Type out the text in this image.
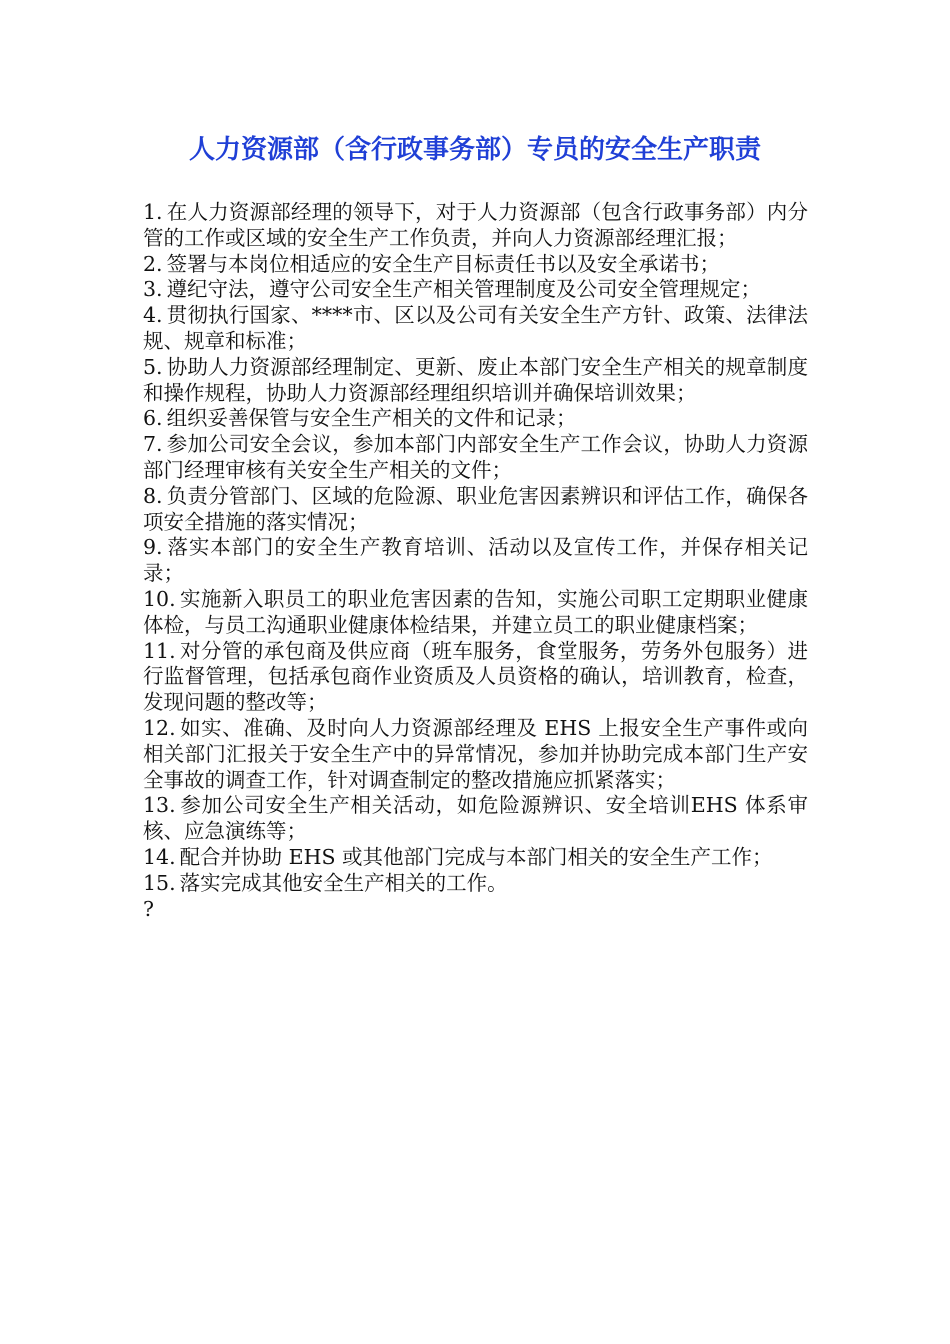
人力资源部（含行政事务部）专员的安全生产职责

1. 在人力资源部经理的领导下，对于人力资源部（包含行政事务部）内分管的工作或区域的安全生产工作负责，并向人力资源部经理汇报；

2. 签署与本岗位相适应的安全生产目标责任书以及安全承诺书；

3. 遵纪守法，遵守公司安全生产相关管理制度及公司安全管理规定；

4. 贯彻执行国家、****市、区以及公司有关安全生产方针、政策、法律法规、规章和标准；

5. 协助人力资源部经理制定、更新、废止本部门安全生产相关的规章制度和操作规程，协助人力资源部经理组织培训并确保培训效果；

6. 组织妥善保管与安全生产相关的文件和记录；

7. 参加公司安全会议，参加本部门内部安全生产工作会议，协助人力资源部门经理审核有关安全生产相关的文件；

8. 负责分管部门、区域的危险源、职业危害因素辨识和评估工作，确保各项安全措施的落实情况；

9. 落实本部门的安全生产教育培训、活动以及宣传工作，并保存相关记录；

10. 实施新入职员工的职业危害因素的告知，实施公司职工定期职业健康体检，与员工沟通职业健康体检结果，并建立员工的职业健康档案；

11. 对分管的承包商及供应商（班车服务，食堂服务，劳务外包服务）进行监督管理，包括承包商作业资质及人员资格的确认，培训教育，检查，发现问题的整改等；

12. 如实、准确、及时向人力资源部经理及 EHS 上报安全生产事件或向相关部门汇报关于安全生产中的异常情况，参加并协助完成本部门生产安全事故的调查工作，针对调查制定的整改措施应抓紧落实；

13. 参加公司安全生产相关活动，如危险源辨识、安全培训EHS 体系审核、应急演练等；

14. 配合并协助 EHS 或其他部门完成与本部门相关的安全生产工作；

15. 落实完成其他安全生产相关的工作。

?
